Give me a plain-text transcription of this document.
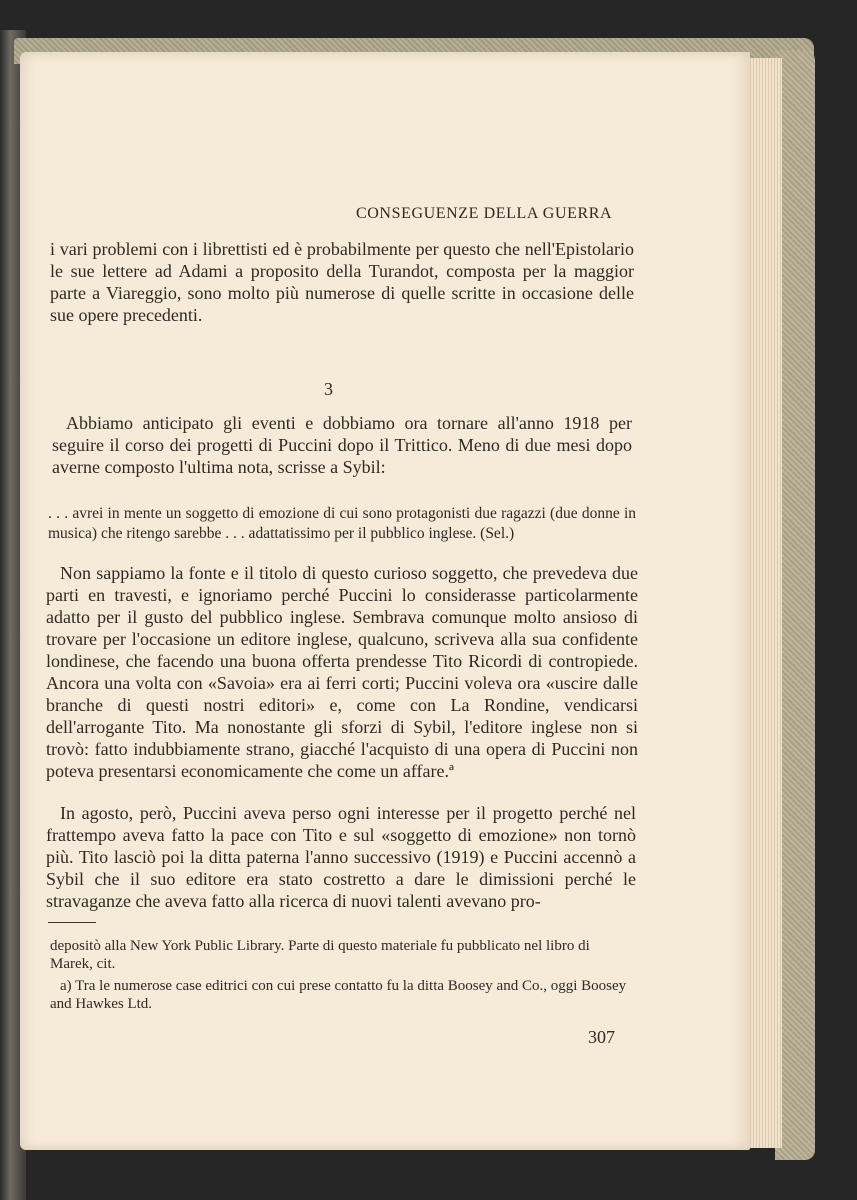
CONSEGUENZE DELLA GUERRA
i vari problemi con i librettisti ed è probabilmente per questo che nell'Epistolario le sue lettere ad Adami a proposito della Turandot, composta per la maggior parte a Viareggio, sono molto più numerose di quelle scritte in occasione delle sue opere precedenti.
3
Abbiamo anticipato gli eventi e dobbiamo ora tornare all'anno 1918 per seguire il corso dei progetti di Puccini dopo il Trittico. Meno di due mesi dopo averne composto l'ultima nota, scrisse a Sybil:
. . . avrei in mente un soggetto di emozione di cui sono protagonisti due ragazzi (due donne in musica) che ritengo sarebbe . . . adattatissimo per il pubblico inglese. (Sel.)
Non sappiamo la fonte e il titolo di questo curioso soggetto, che prevedeva due parti en travesti, e ignoriamo perché Puccini lo considerasse particolarmente adatto per il gusto del pubblico inglese. Sembrava comunque molto ansioso di trovare per l'occasione un editore inglese, qualcuno, scriveva alla sua confidente londinese, che facendo una buona offerta prendesse Tito Ricordi di contropiede. Ancora una volta con «Savoia» era ai ferri corti; Puccini voleva ora «uscire dalle branche di questi nostri editori» e, come con La Rondine, vendicarsi dell'arrogante Tito. Ma nonostante gli sforzi di Sybil, l'editore inglese non si trovò: fatto indubbiamente strano, giacché l'acquisto di una opera di Puccini non poteva presentarsi economicamente che come un affare.ª
In agosto, però, Puccini aveva perso ogni interesse per il progetto perché nel frattempo aveva fatto la pace con Tito e sul «soggetto di emozione» non tornò più. Tito lasciò poi la ditta paterna l'anno successivo (1919) e Puccini accennò a Sybil che il suo editore era stato costretto a dare le dimissioni perché le stravaganze che aveva fatto alla ricerca di nuovi talenti avevano pro-

depositò alla New York Public Library. Parte di questo materiale fu pubblicato nel libro di Marek, cit.

a) Tra le numerose case editrici con cui prese contatto fu la ditta Boosey and Co., oggi Boosey and Hawkes Ltd.

307
